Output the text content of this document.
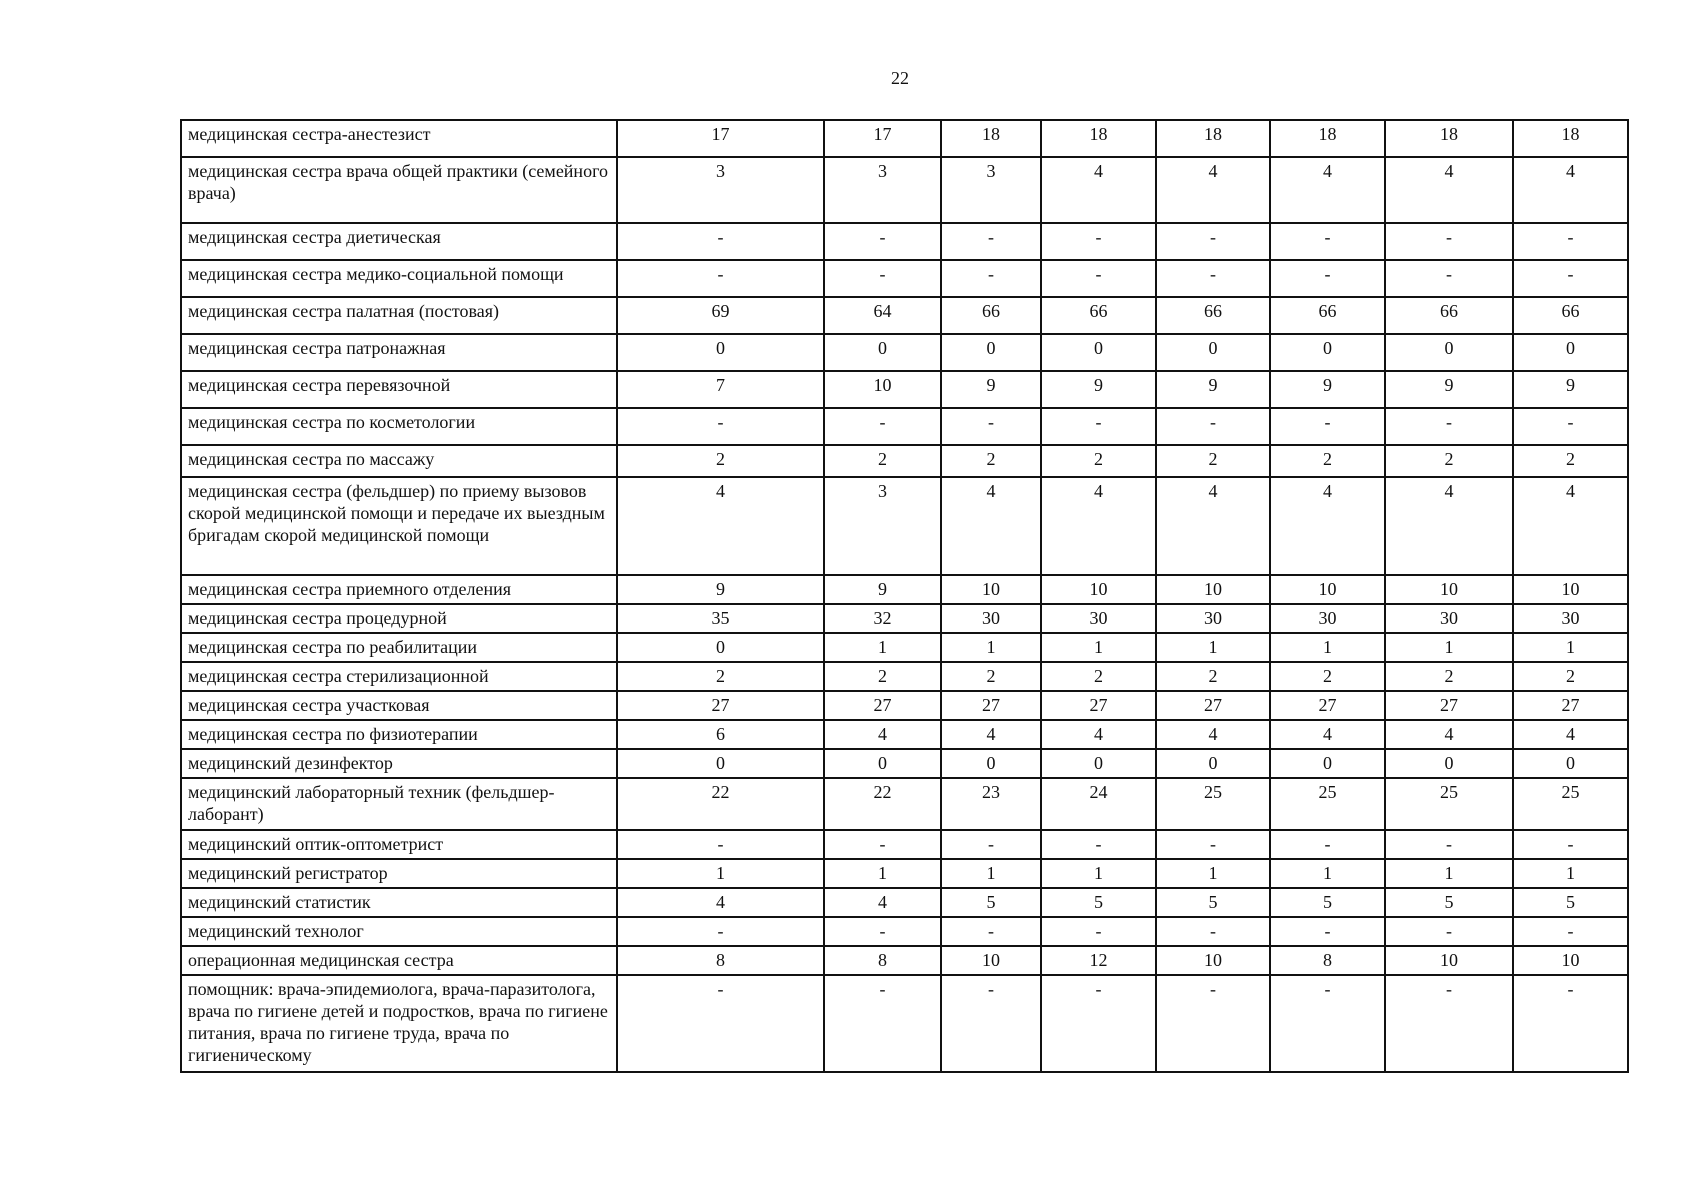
22
медицинская сестра-анестезист	17	17	18	18	18	18	18	18
медицинская сестра врача общей практики (семейного врача)	3	3	3	4	4	4	4	4
медицинская сестра диетическая	-	-	-	-	-	-	-	-
медицинская сестра медико-социальной помощи	-	-	-	-	-	-	-	-
медицинская сестра палатная (постовая)	69	64	66	66	66	66	66	66
медицинская сестра патронажная	0	0	0	0	0	0	0	0
медицинская сестра перевязочной	7	10	9	9	9	9	9	9
медицинская сестра по косметологии	-	-	-	-	-	-	-	-
медицинская сестра по массажу	2	2	2	2	2	2	2	2
медицинская сестра (фельдшер) по приему вызовов скорой медицинской помощи и передаче их выездным бригадам скорой медицинской помощи	4	3	4	4	4	4	4	4
медицинская сестра приемного отделения	9	9	10	10	10	10	10	10
медицинская сестра процедурной	35	32	30	30	30	30	30	30
медицинская сестра по реабилитации	0	1	1	1	1	1	1	1
медицинская сестра стерилизационной	2	2	2	2	2	2	2	2
медицинская сестра участковая	27	27	27	27	27	27	27	27
медицинская сестра по физиотерапии	6	4	4	4	4	4	4	4
медицинский дезинфектор	0	0	0	0	0	0	0	0
медицинский лабораторный техник (фельдшер-лаборант)	22	22	23	24	25	25	25	25
медицинский оптик-оптометрист	-	-	-	-	-	-	-	-
медицинский регистратор	1	1	1	1	1	1	1	1
медицинский статистик	4	4	5	5	5	5	5	5
медицинский технолог	-	-	-	-	-	-	-	-
операционная медицинская сестра	8	8	10	12	10	8	10	10
помощник: врача-эпидемиолога, врача-паразитолога, врача по гигиене детей и подростков, врача по гигиене питания, врача по гигиене труда, врача по гигиеническому	-	-	-	-	-	-	-	-
